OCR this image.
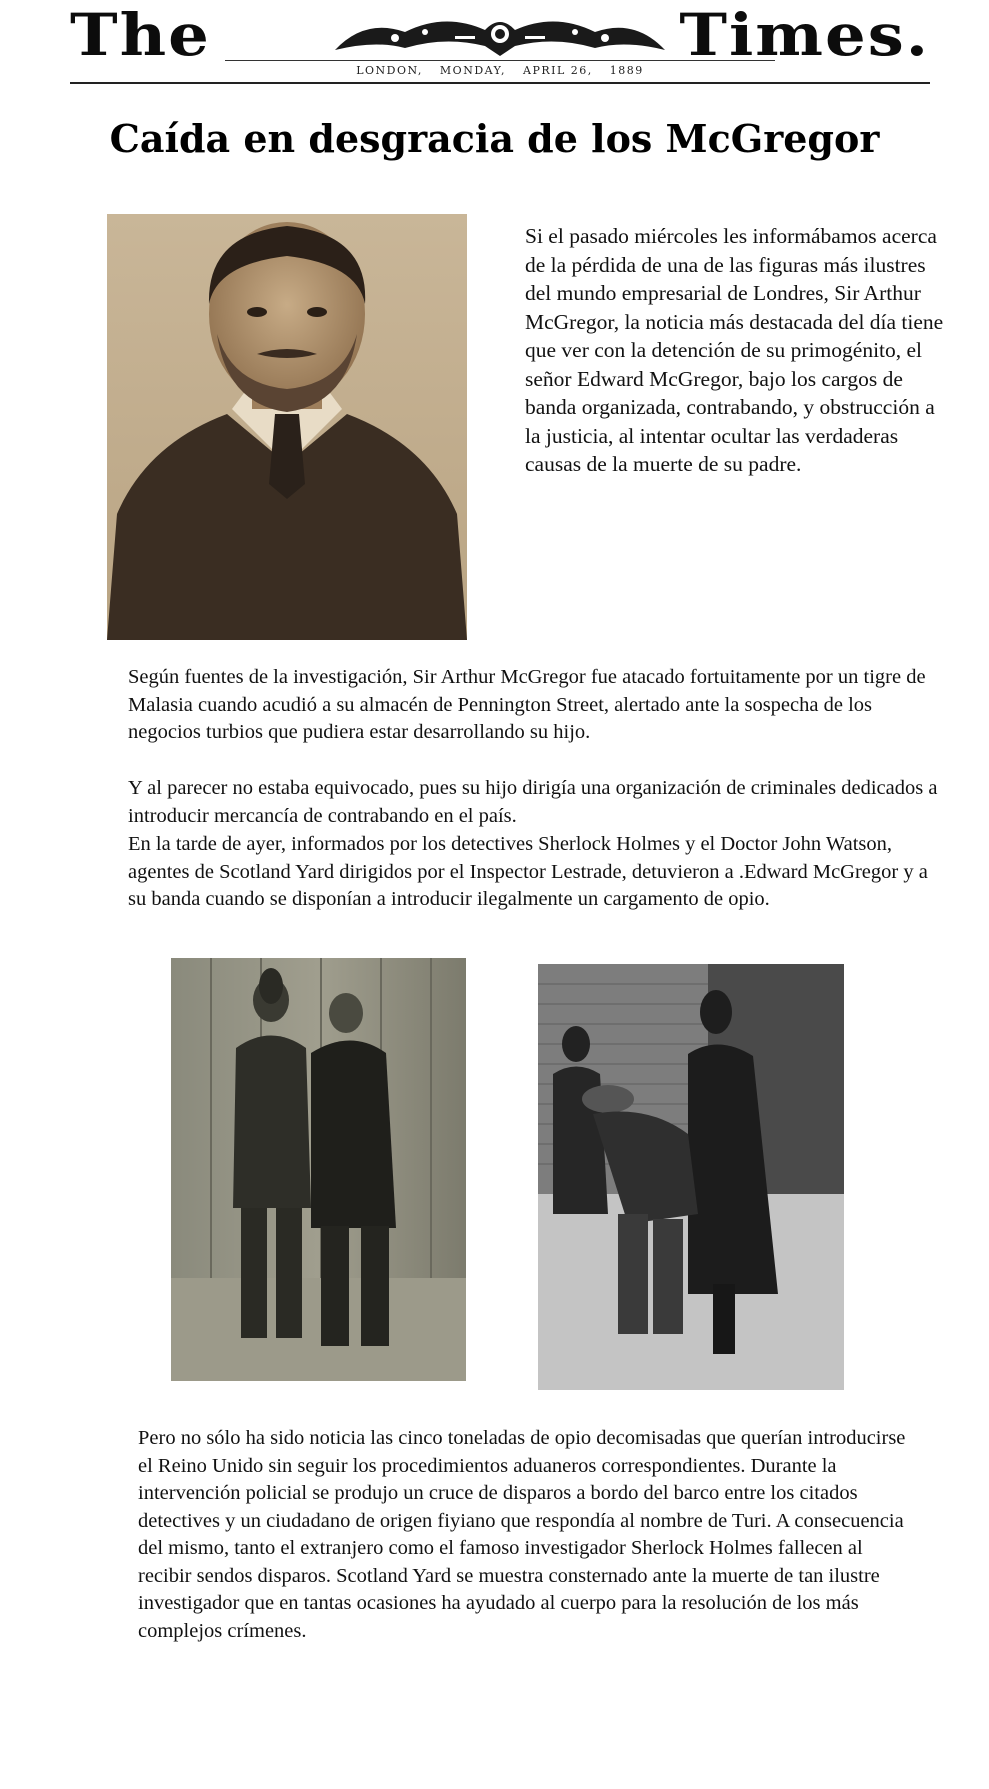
The	Times.
LONDON, MONDAY, APRIL 26, 1889
Caída en desgracia de los McGregor

Si el pasado miércoles les informábamos acerca de la pérdida de una de las figuras más ilustres del mundo empresarial de Londres, Sir Arthur McGregor, la noticia más destacada del día tiene que ver con la detención de su primogénito, el señor Edward McGregor, bajo los cargos de banda organizada, contrabando, y obstrucción a la justicia, al intentar ocultar las verdaderas causas de la muerte de su padre.

Según fuentes de la investigación, Sir Arthur McGregor fue atacado fortuitamente por un tigre de Malasia cuando acudió a su almacén de Pennington Street, alertado ante la sospecha de los negocios turbios que pudiera estar desarrollando su hijo.

Y al parecer no estaba equivocado, pues su hijo dirigía una organización de criminales dedicados a introducir mercancía de contrabando en el país.

En la tarde de ayer, informados por los detectives Sherlock Holmes y el Doctor John Watson, agentes de Scotland Yard dirigidos por el Inspector Lestrade, detuvieron a .Edward McGregor y a su banda cuando se disponían a introducir ilegalmente un cargamento de opio.

Pero no sólo ha sido noticia las cinco toneladas de opio decomisadas que querían introducirse el Reino Unido sin seguir los procedimientos aduaneros correspondientes. Durante la intervención policial se produjo un cruce de disparos a bordo del barco entre los citados detectives y un ciudadano de origen fiyiano que respondía al nombre de Turi. A consecuencia del mismo, tanto el extranjero como el famoso investigador Sherlock Holmes fallecen al recibir sendos disparos. Scotland Yard se muestra consternado ante la muerte de tan ilustre investigador que en tantas ocasiones ha ayudado al cuerpo para la resolución de los más complejos crímenes.
